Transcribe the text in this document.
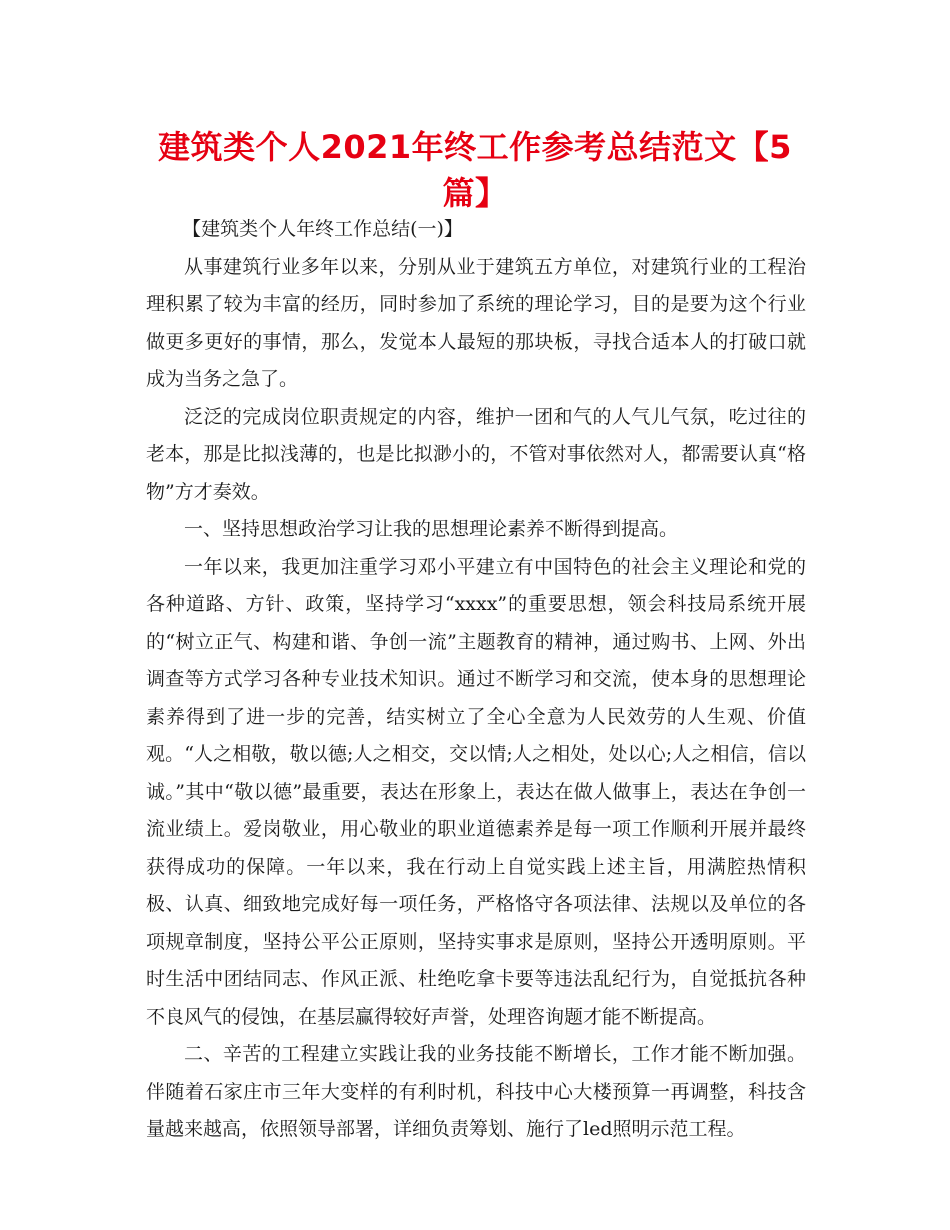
建筑类个人2021年终工作参考总结范文【5篇】

【建筑类个人年终工作总结(一)】

从事建筑行业多年以来，分别从业于建筑五方单位，对建筑行业的工程治理积累了较为丰富的经历，同时参加了系统的理论学习，目的是要为这个行业做更多更好的事情，那么，发觉本人最短的那块板，寻找合适本人的打破口就成为当务之急了。

泛泛的完成岗位职责规定的内容，维护一团和气的人气儿气氛，吃过往的老本，那是比拟浅薄的，也是比拟渺小的，不管对事依然对人，都需要认真“格物”方才奏效。

一、坚持思想政治学习让我的思想理论素养不断得到提高。

一年以来，我更加注重学习邓小平建立有中国特色的社会主义理论和党的各种道路、方针、政策，坚持学习“xxxx”的重要思想，领会科技局系统开展的“树立正气、构建和谐、争创一流”主题教育的精神，通过购书、上网、外出调查等方式学习各种专业技术知识。通过不断学习和交流，使本身的思想理论素养得到了进一步的完善，结实树立了全心全意为人民效劳的人生观、价值观。“人之相敬，敬以德;人之相交，交以情;人之相处，处以心;人之相信，信以诚。”其中“敬以德”最重要，表达在形象上，表达在做人做事上，表达在争创一流业绩上。爱岗敬业，用心敬业的职业道德素养是每一项工作顺利开展并最终获得成功的保障。一年以来，我在行动上自觉实践上述主旨，用满腔热情积极、认真、细致地完成好每一项任务，严格恪守各项法律、法规以及单位的各项规章制度，坚持公平公正原则，坚持实事求是原则，坚持公开透明原则。平时生活中团结同志、作风正派、杜绝吃拿卡要等违法乱纪行为，自觉抵抗各种不良风气的侵蚀，在基层赢得较好声誉，处理咨询题才能不断提高。

二、辛苦的工程建立实践让我的业务技能不断增长，工作才能不断加强。伴随着石家庄市三年大变样的有利时机，科技中心大楼预算一再调整，科技含量越来越高，依照领导部署，详细负责筹划、施行了led照明示范工程。
